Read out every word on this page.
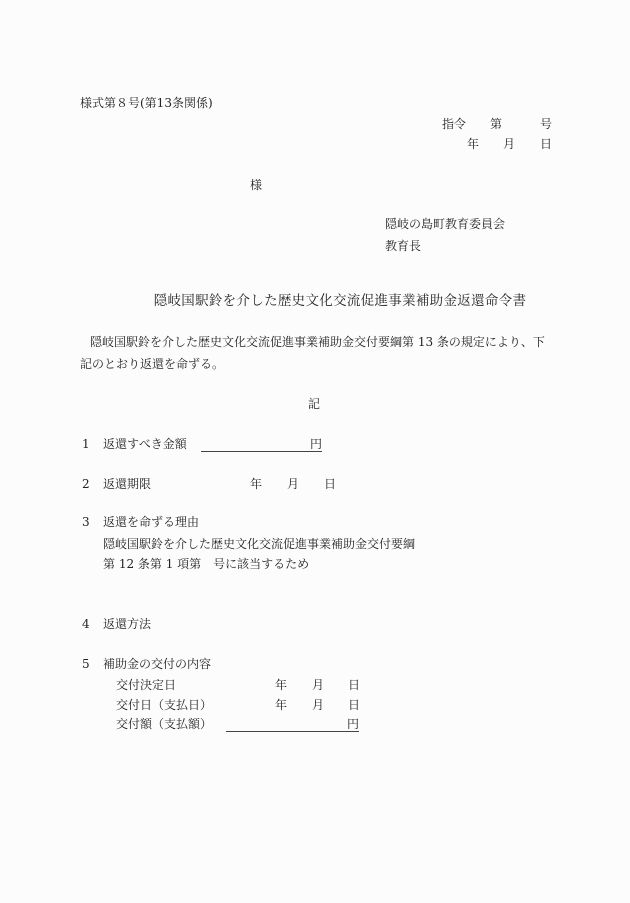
様式第８号(第13条関係)
指令 第	号
年 月 日
様
隠岐の島町教育委員会
教育長
隠岐国駅鈴を介した歴史文化交流促進事業補助金返還命令書
隠岐国駅鈴を介した歴史文化交流促進事業補助金交付要綱第 13 条の規定により、下
記のとおり返還を命ずる。
記
1 返還すべき金額	円
2 返還期限	年 月 日
3 返還を命ずる理由
隠岐国駅鈴を介した歴史文化交流促進事業補助金交付要綱
第 12 条第 1 項第　号に該当するため
4 返還方法
5 補助金の交付の内容
交付決定日	年 月 日
交付日（支払日）	年 月 日
交付額（支払額）	円
